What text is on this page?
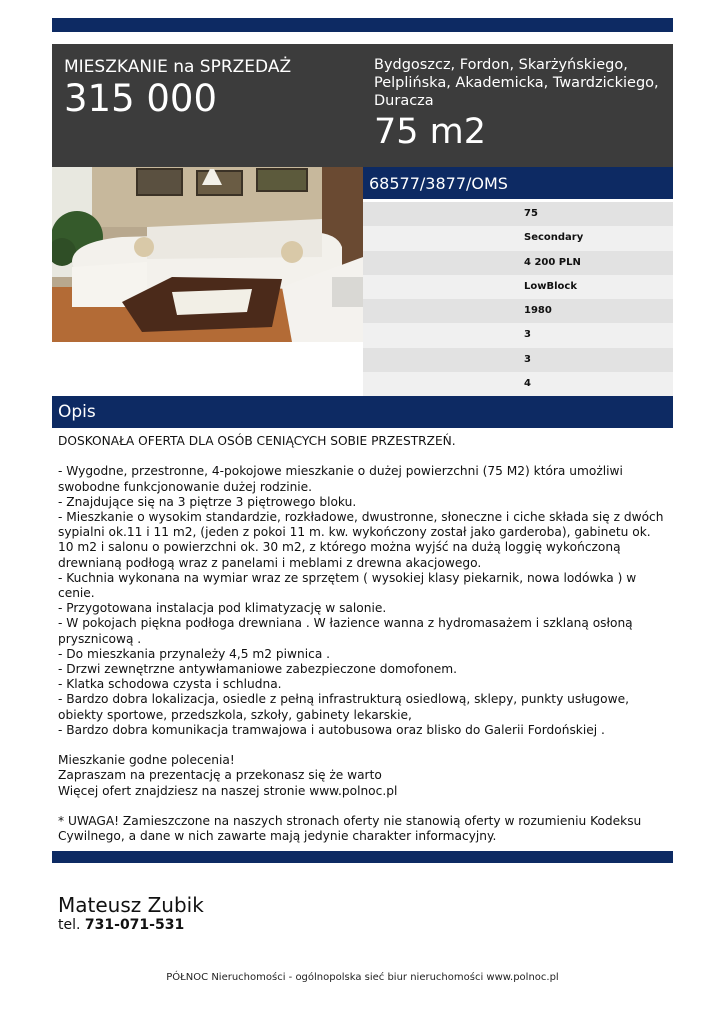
MIESZKANIE na SPRZEDAŻ
315 000
Bydgoszcz, Fordon, Skarżyńskiego, Pelplińska, Akademicka, Twardzickiego, Duracza
75 m2
68577/3877/OMS
75
Secondary
4 200 PLN
LowBlock
1980
3
3
4
Opis

DOSKONAŁA OFERTA DLA OSÓB CENIĄCYCH SOBIE PRZESTRZEŃ.

- Wygodne, przestronne, 4-pokojowe mieszkanie o dużej powierzchni (75 M2) która umożliwi

swobodne funkcjonowanie dużej rodzinie.

- Znajdujące się na 3 piętrze 3 piętrowego bloku.

- Mieszkanie o wysokim standardzie, rozkładowe, dwustronne, słoneczne i ciche składa się z dwóch

sypialni ok.11 i 11 m2, (jeden z pokoi 11 m. kw. wykończony został jako garderoba), gabinetu ok.

10 m2 i salonu o powierzchni ok. 30 m2, z którego można wyjść na dużą loggię wykończoną

drewnianą podłogą wraz z panelami i meblami z drewna akacjowego.

- Kuchnia wykonana na wymiar wraz ze sprzętem ( wysokiej klasy piekarnik, nowa lodówka ) w

cenie.

- Przygotowana instalacja pod klimatyzację w salonie.

- W pokojach piękna podłoga drewniana . W łazience wanna z hydromasażem i szklaną osłoną

prysznicową .

- Do mieszkania przynależy 4,5 m2 piwnica .

- Drzwi zewnętrzne antywłamaniowe zabezpieczone domofonem.

- Klatka schodowa czysta i schludna.

- Bardzo dobra lokalizacja, osiedle z pełną infrastrukturą osiedlową, sklepy, punkty usługowe,

obiekty sportowe, przedszkola, szkoły, gabinety lekarskie,

- Bardzo dobra komunikacja tramwajowa i autobusowa oraz blisko do Galerii Fordońskiej .

Mieszkanie godne polecenia!

Zapraszam na prezentację a przekonasz się że warto

Więcej ofert znajdziesz na naszej stronie www.polnoc.pl

* UWAGA! Zamieszczone na naszych stronach oferty nie stanowią oferty w rozumieniu Kodeksu

Cywilnego, a dane w nich zawarte mają jedynie charakter informacyjny.

Mateusz Zubik
tel. 731-071-531
PÓŁNOC Nieruchomości - ogólnopolska sieć biur nieruchomości www.polnoc.pl
